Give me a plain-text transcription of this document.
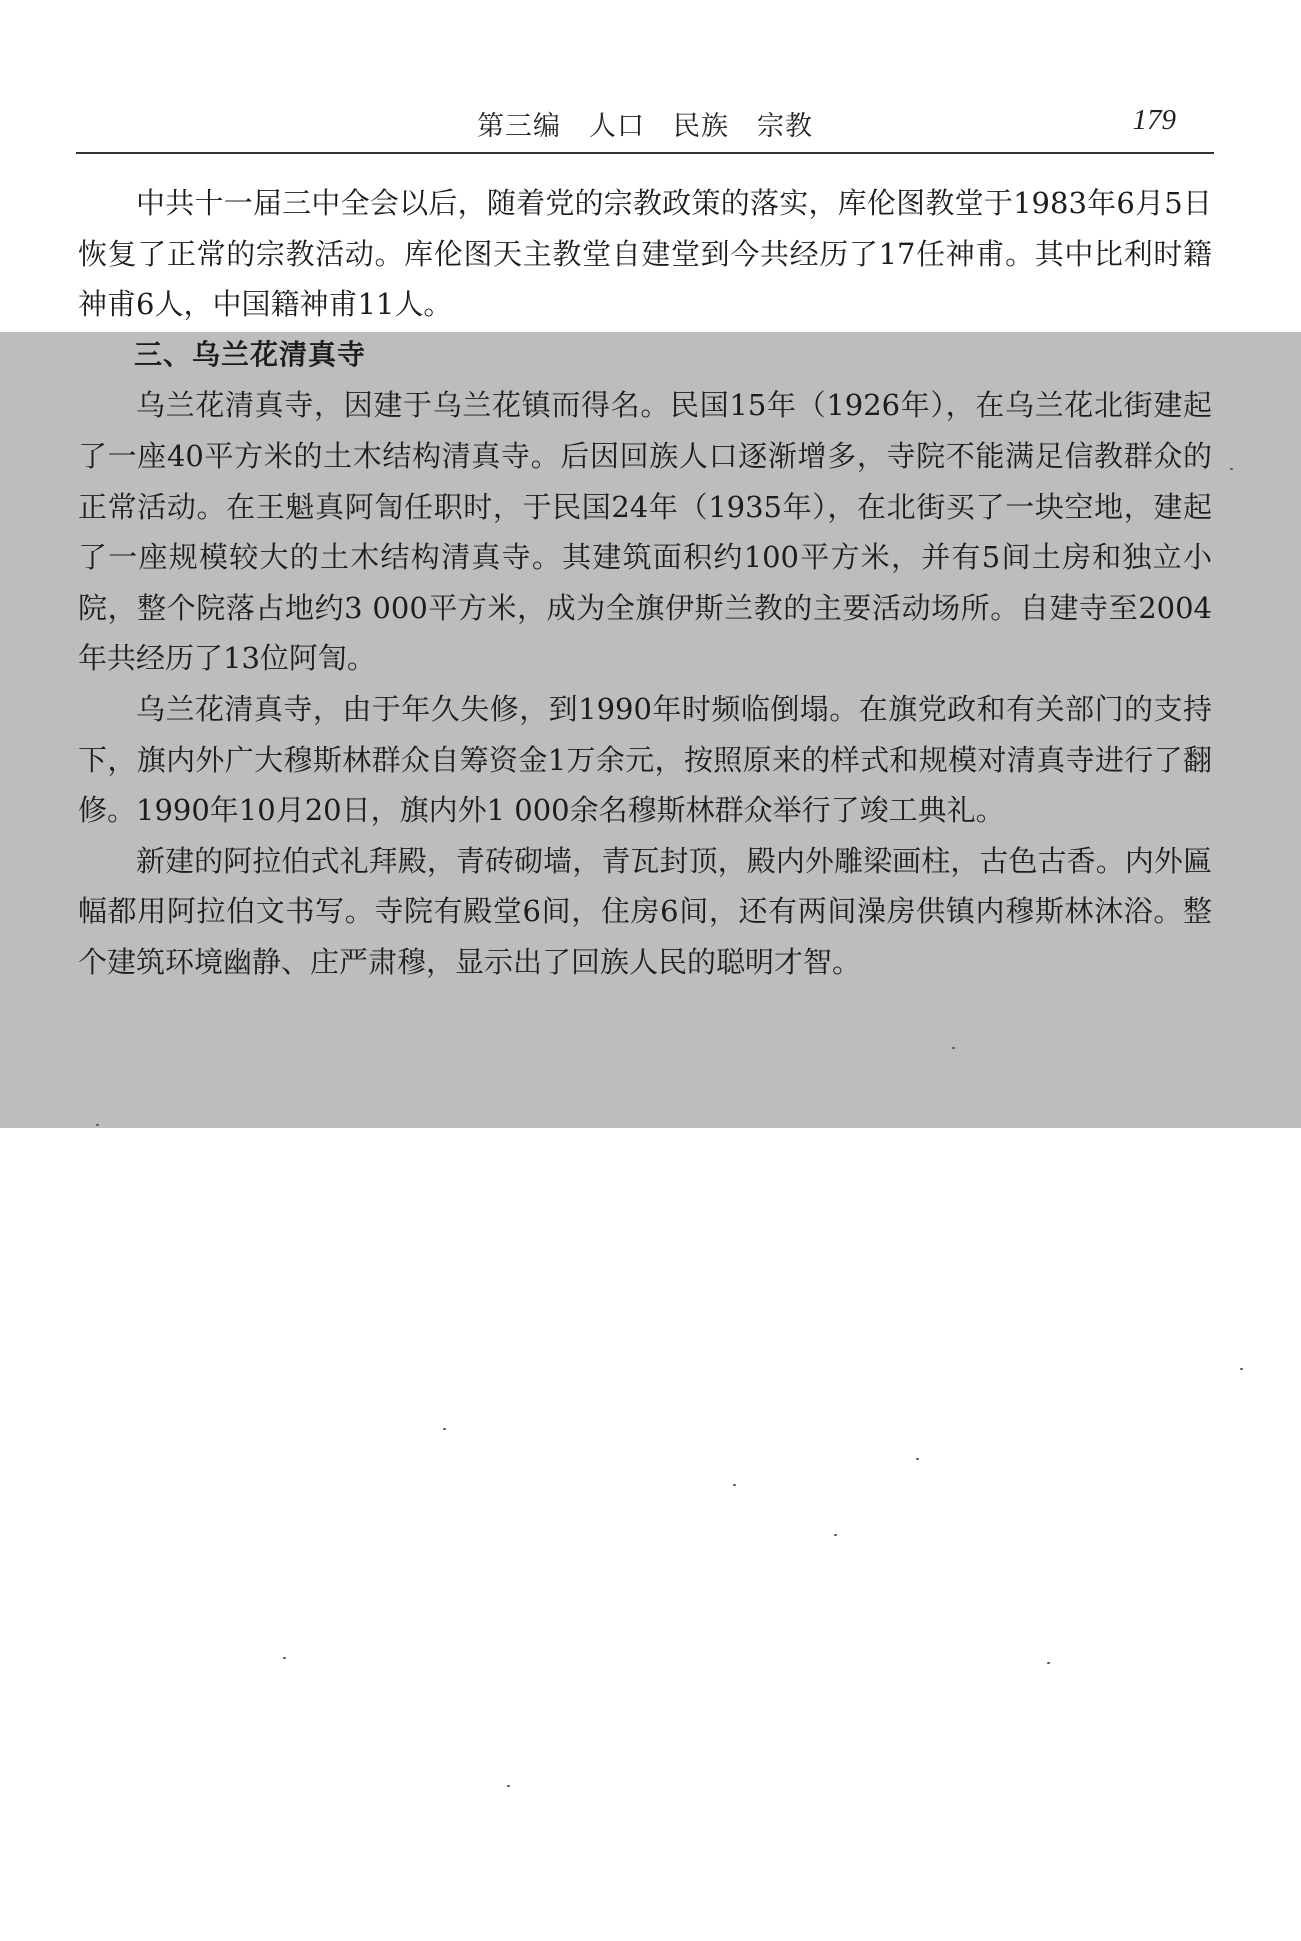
第三编　人口　民族　宗教	179

中共十一届三中全会以后，随着党的宗教政策的落实，库伦图教堂于1983年6月5日恢复了正常的宗教活动。库伦图天主教堂自建堂到今共经历了17任神甫。其中比利时籍神甫6人，中国籍神甫11人。

三、乌兰花清真寺

乌兰花清真寺，因建于乌兰花镇而得名。民国15年（1926年），在乌兰花北街建起了一座40平方米的土木结构清真寺。后因回族人口逐渐增多，寺院不能满足信教群众的正常活动。在王魁真阿訇任职时，于民国24年（1935年），在北街买了一块空地，建起了一座规模较大的土木结构清真寺。其建筑面积约100平方米，并有5间土房和独立小院，整个院落占地约3 000平方米，成为全旗伊斯兰教的主要活动场所。自建寺至2004年共经历了13位阿訇。

乌兰花清真寺，由于年久失修，到1990年时频临倒塌。在旗党政和有关部门的支持下，旗内外广大穆斯林群众自筹资金1万余元，按照原来的样式和规模对清真寺进行了翻修。1990年10月20日，旗内外1 000余名穆斯林群众举行了竣工典礼。

新建的阿拉伯式礼拜殿，青砖砌墙，青瓦封顶，殿内外雕梁画柱，古色古香。内外匾幅都用阿拉伯文书写。寺院有殿堂6间，住房6间，还有两间澡房供镇内穆斯林沐浴。整个建筑环境幽静、庄严肃穆，显示出了回族人民的聪明才智。
